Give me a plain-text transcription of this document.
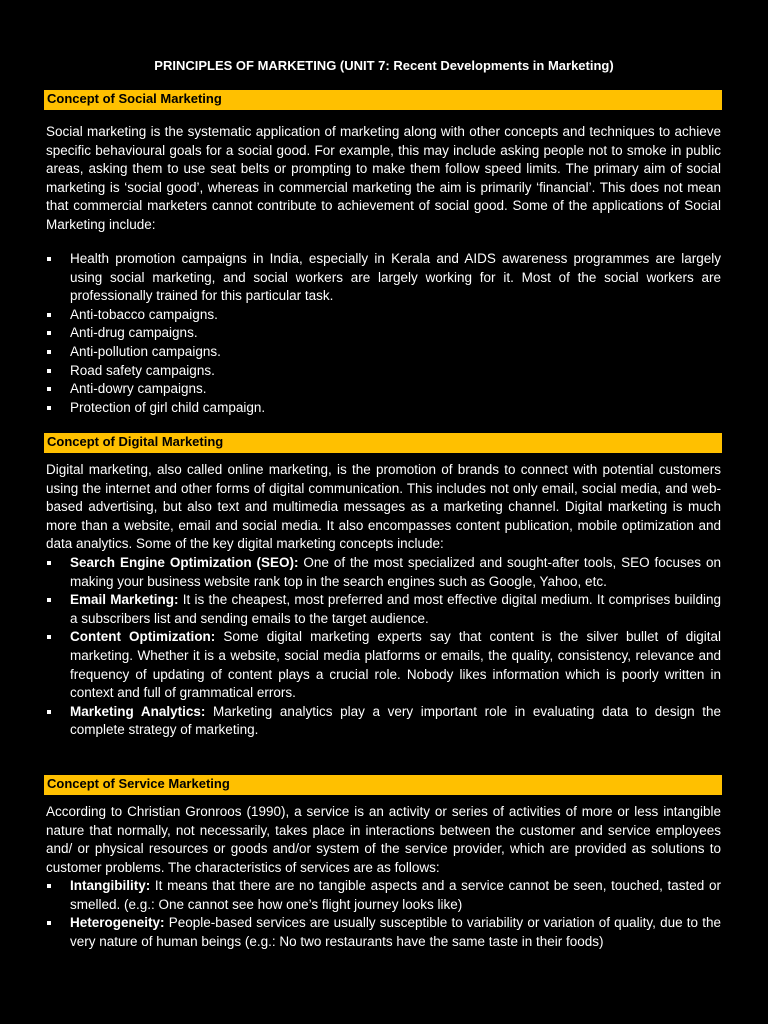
PRINCIPLES OF MARKETING (UNIT 7: Recent Developments in Marketing)
Concept of Social Marketing

Social marketing is the systematic application of marketing along with other concepts and techniques to achieve specific behavioural goals for a social good. For example, this may include asking people not to smoke in public areas, asking them to use seat belts or prompting to make them follow speed limits. The primary aim of social marketing is ‘social good’, whereas in commercial marketing the aim is primarily ‘financial’. This does not mean that commercial marketers cannot contribute to achievement of social good. Some of the applications of Social Marketing include:

Health promotion campaigns in India, especially in Kerala and AIDS awareness programmes are largely using social marketing, and social workers are largely working for it. Most of the social workers are professionally trained for this particular task.
Anti-tobacco campaigns.
Anti-drug campaigns.
Anti-pollution campaigns.
Road safety campaigns.
Anti-dowry campaigns.
Protection of girl child campaign.
Concept of Digital Marketing

Digital marketing, also called online marketing, is the promotion of brands to connect with potential customers using the internet and other forms of digital communication. This includes not only email, social media, and web-based advertising, but also text and multimedia messages as a marketing channel. Digital marketing is much more than a website, email and social media. It also encompasses content publication, mobile optimization and data analytics. Some of the key digital marketing concepts include:

Search Engine Optimization (SEO): One of the most specialized and sought-after tools, SEO focuses on making your business website rank top in the search engines such as Google, Yahoo, etc.
Email Marketing: It is the cheapest, most preferred and most effective digital medium. It comprises building a subscribers list and sending emails to the target audience.
Content Optimization: Some digital marketing experts say that content is the silver bullet of digital marketing. Whether it is a website, social media platforms or emails, the quality, consistency, relevance and frequency of updating of content plays a crucial role. Nobody likes information which is poorly written in context and full of grammatical errors.
Marketing Analytics: Marketing analytics play a very important role in evaluating data to design the complete strategy of marketing.
Concept of Service Marketing

According to Christian Gronroos (1990), a service is an activity or series of activities of more or less intangible nature that normally, not necessarily, takes place in interactions between the customer and service employees and/ or physical resources or goods and/or system of the service provider, which are provided as solutions to customer problems. The characteristics of services are as follows:

Intangibility: It means that there are no tangible aspects and a service cannot be seen, touched, tasted or smelled. (e.g.: One cannot see how one’s flight journey looks like)
Heterogeneity: People-based services are usually susceptible to variability or variation of quality, due to the very nature of human beings (e.g.: No two restaurants have the same taste in their foods)
